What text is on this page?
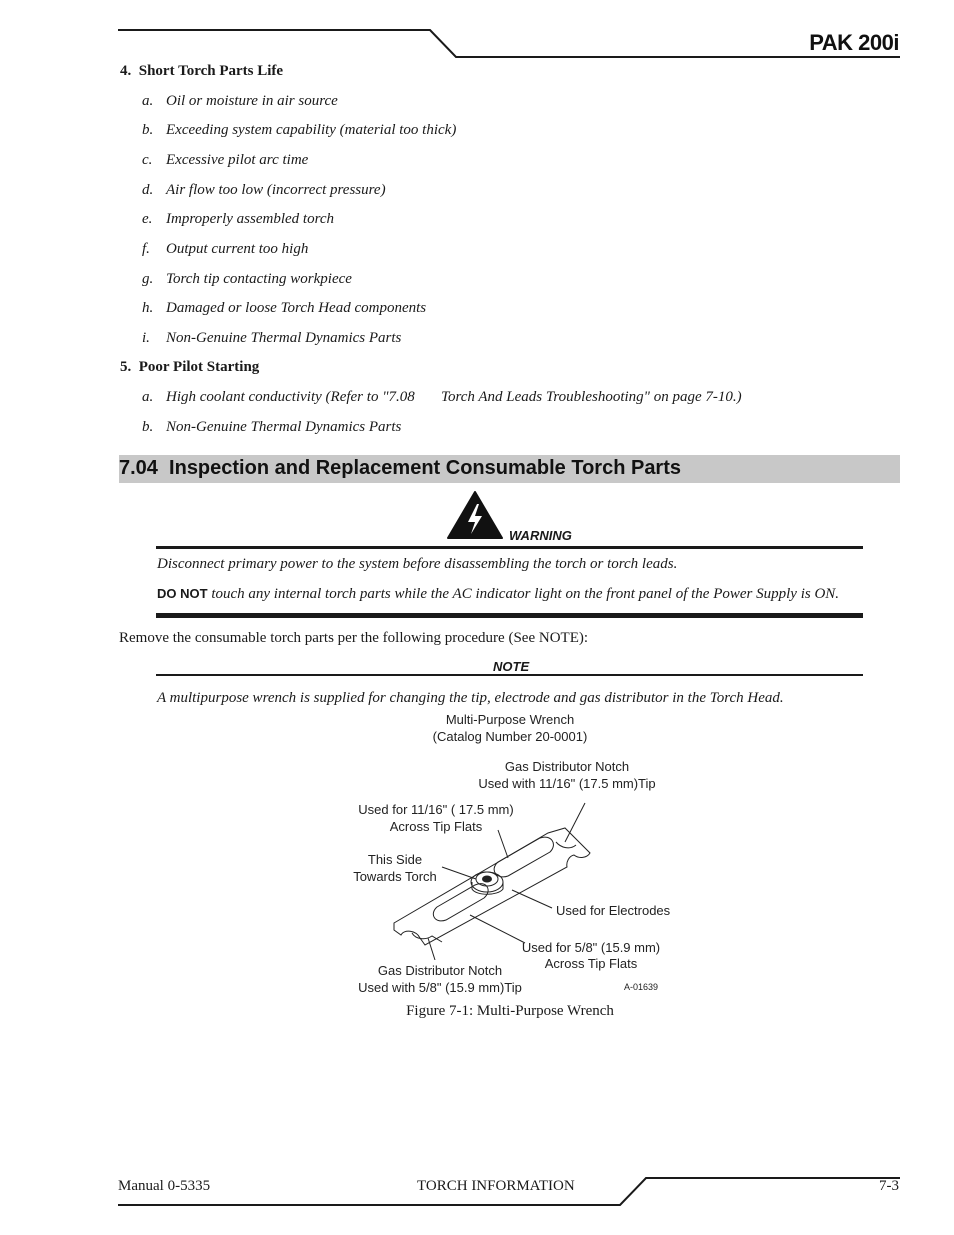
PAK 200i
4. Short Torch Parts Life
a. Oil or moisture in air source
b. Exceeding system capability (material too thick)
c. Excessive pilot arc time
d. Air flow too low (incorrect pressure)
e. Improperly assembled torch
f. Output current too high
g. Torch tip contacting workpiece
h. Damaged or loose Torch Head components
i. Non-Genuine Thermal Dynamics Parts
5. Poor Pilot Starting
a. High coolant conductivity (Refer to "7.08       Torch And Leads Troubleshooting" on page 7-10.)
b. Non-Genuine Thermal Dynamics Parts
7.04  Inspection and Replacement Consumable Torch Parts
WARNING
Disconnect primary power to the system before disassembling the torch or torch leads.
DO NOT touch any internal torch parts while the AC indicator light on the front panel of the Power Supply is ON.
Remove the consumable torch parts per the following procedure (See NOTE):
NOTE
A multipurpose wrench is supplied for changing the tip, electrode and gas distributor in the Torch Head.
Multi-Purpose Wrench
(Catalog Number 20-0001)
Gas Distributor Notch
Used with 11/16" (17.5 mm)Tip
Used for 11/16" ( 17.5 mm)
Across Tip Flats
This Side
Towards Torch
Used for Electrodes
Used for 5/8" (15.9 mm)
Across Tip Flats
Gas Distributor Notch
Used with 5/8" (15.9 mm)Tip	A-01639
Figure 7-1: Multi-Purpose Wrench
Manual 0-5335	TORCH INFORMATION	7-3
